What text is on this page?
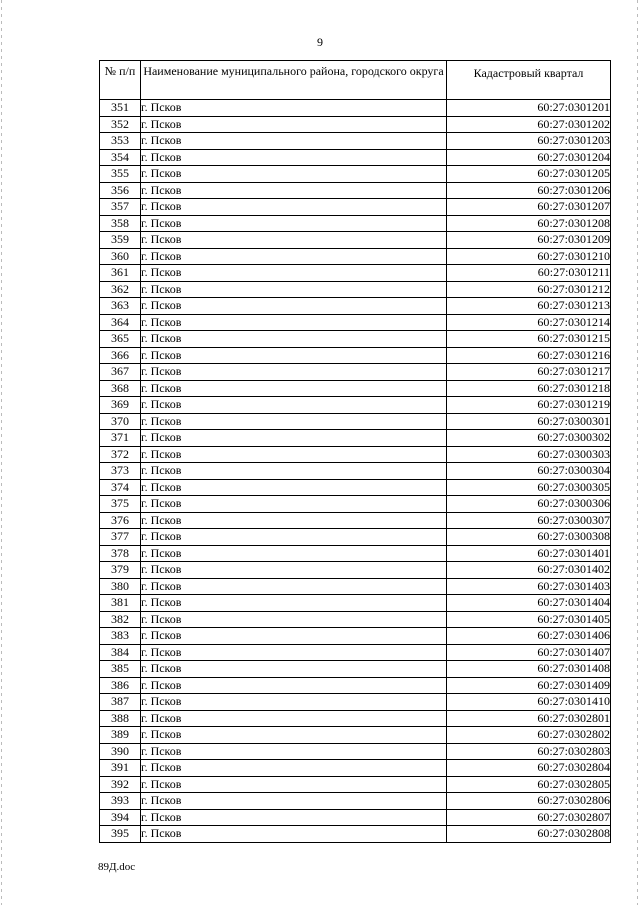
9
№ п/п	Наименование муниципального района, городского округа	Кадастровый квартал

351	г. Псков	60:27:0301201
352	г. Псков	60:27:0301202
353	г. Псков	60:27:0301203
354	г. Псков	60:27:0301204
355	г. Псков	60:27:0301205
356	г. Псков	60:27:0301206
357	г. Псков	60:27:0301207
358	г. Псков	60:27:0301208
359	г. Псков	60:27:0301209
360	г. Псков	60:27:0301210
361	г. Псков	60:27:0301211
362	г. Псков	60:27:0301212
363	г. Псков	60:27:0301213
364	г. Псков	60:27:0301214
365	г. Псков	60:27:0301215
366	г. Псков	60:27:0301216
367	г. Псков	60:27:0301217
368	г. Псков	60:27:0301218
369	г. Псков	60:27:0301219
370	г. Псков	60:27:0300301
371	г. Псков	60:27:0300302
372	г. Псков	60:27:0300303
373	г. Псков	60:27:0300304
374	г. Псков	60:27:0300305
375	г. Псков	60:27:0300306
376	г. Псков	60:27:0300307
377	г. Псков	60:27:0300308
378	г. Псков	60:27:0301401
379	г. Псков	60:27:0301402
380	г. Псков	60:27:0301403
381	г. Псков	60:27:0301404
382	г. Псков	60:27:0301405
383	г. Псков	60:27:0301406
384	г. Псков	60:27:0301407
385	г. Псков	60:27:0301408
386	г. Псков	60:27:0301409
387	г. Псков	60:27:0301410
388	г. Псков	60:27:0302801
389	г. Псков	60:27:0302802
390	г. Псков	60:27:0302803
391	г. Псков	60:27:0302804
392	г. Псков	60:27:0302805
393	г. Псков	60:27:0302806
394	г. Псков	60:27:0302807
395	г. Псков	60:27:0302808
89Д.doc
